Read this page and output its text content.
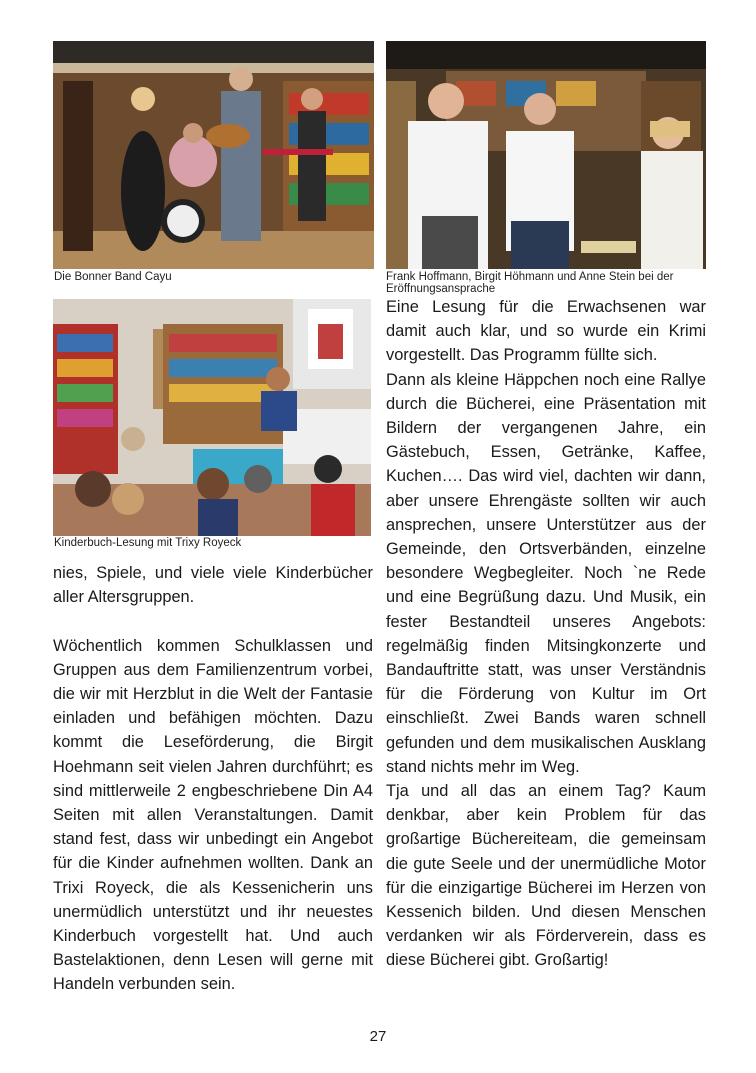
Die Bonner Band Cayu	Frank Hoffmann, Birgit Höhmann und Anne Stein bei der Eröffnungsansprache
Kinderbuch-Lesung mit Trixy Royeck

nies, Spiele, und viele viele Kinderbücher aller Altersgruppen.

Wöchentlich kommen Schulklassen und Gruppen aus dem Familienzentrum vorbei, die wir mit Herzblut in die Welt der Fantasie einladen und befähigen möchten. Dazu kommt die Leseförderung, die Birgit Hoehmann seit vielen Jahren durchführt; es sind mittlerweile 2 engbeschriebene Din A4 Seiten mit allen Veranstaltungen. Damit stand fest, dass wir unbedingt ein Angebot für die Kinder aufnehmen wollten. Dank an Trixi Royeck, die als Kessenicherin uns unermüdlich unterstützt und ihr neuestes Kinderbuch vorgestellt hat. Und auch Bastelaktionen, denn Lesen will gerne mit Handeln verbunden sein.

Eine Lesung für die Erwachsenen war damit auch klar, und so wurde ein Krimi vorgestellt. Das Programm füllte sich.

Dann als kleine Häppchen noch eine Rallye durch die Bücherei, eine Präsentation mit Bildern der vergangenen Jahre, ein Gästebuch, Essen, Getränke, Kaffee, Kuchen…. Das wird viel, dachten wir dann, aber unsere Ehrengäste sollten wir auch ansprechen, unsere Unterstützer aus der Gemeinde, den Ortsverbänden, einzelne besondere Wegbegleiter. Noch `ne Rede und eine Begrüßung dazu. Und Musik, ein fester Bestandteil unseres Angebots: regelmäßig finden Mitsingkonzerte und Bandauftritte statt, was unser Verständnis für die Förderung von Kultur im Ort einschließt. Zwei Bands waren schnell gefunden und dem musikalischen Ausklang stand nichts mehr im Weg.

Tja und all das an einem Tag? Kaum denkbar, aber kein Problem für das großartige Büchereiteam, die gemeinsam die gute Seele und der unermüdliche Motor für die einzigartige Bücherei im Herzen von Kessenich bilden. Und diesen Menschen verdanken wir als Förderverein, dass es diese Bücherei gibt. Großartig!

27
